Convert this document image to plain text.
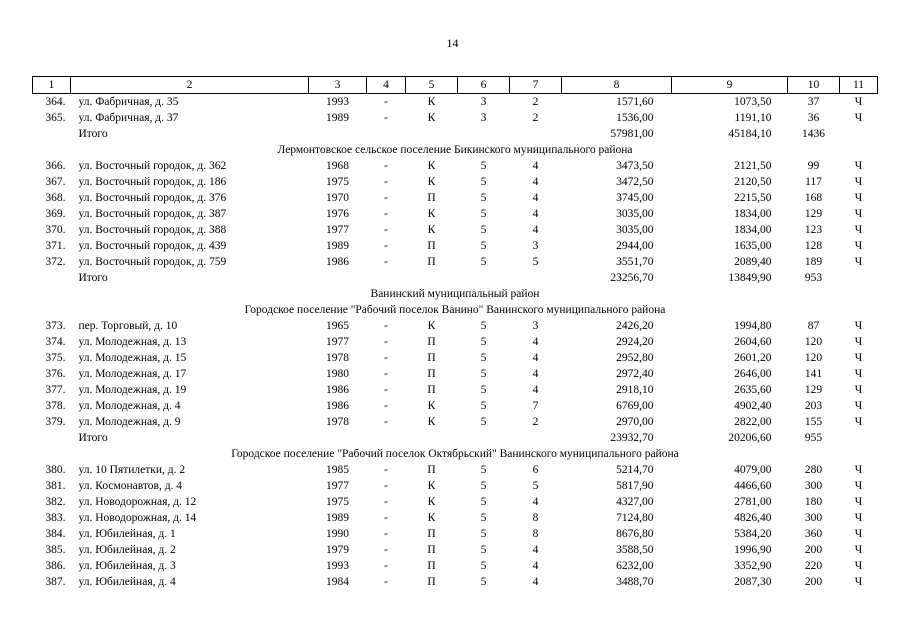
14
1	2	3	4	5	6	7	8	9	10	11
364.	ул. Фабричная, д. 35	1993	-	К	3	2	1571,60	1073,50	37	Ч
365.	ул. Фабричная, д. 37	1989	-	К	3	2	1536,00	1191,10	36	Ч
	Итого						57981,00	45184,10	1436	
Лермонтовское сельское поселение Бикинского муниципального района										
366.	ул. Восточный городок, д. 362	1968	-	К	5	4	3473,50	2121,50	99	Ч
367.	ул. Восточный городок, д. 186	1975	-	К	5	4	3472,50	2120,50	117	Ч
368.	ул. Восточный городок, д. 376	1970	-	П	5	4	3745,00	2215,50	168	Ч
369.	ул. Восточный городок, д. 387	1976	-	К	5	4	3035,00	1834,00	129	Ч
370.	ул. Восточный городок, д. 388	1977	-	К	5	4	3035,00	1834,00	123	Ч
371.	ул. Восточный городок, д. 439	1989	-	П	5	3	2944,00	1635,00	128	Ч
372.	ул. Восточный городок, д. 759	1986	-	П	5	5	3551,70	2089,40	189	Ч
	Итого						23256,70	13849,90	953	
Ванинский муниципальный район										
Городское поселение "Рабочий поселок Ванино" Ванинского муниципального района										
373.	пер. Торговый, д. 10	1965	-	К	5	3	2426,20	1994,80	87	Ч
374.	ул. Молодежная, д. 13	1977	-	П	5	4	2924,20	2604,60	120	Ч
375.	ул. Молодежная, д. 15	1978	-	П	5	4	2952,80	2601,20	120	Ч
376.	ул. Молодежная, д. 17	1980	-	П	5	4	2972,40	2646,00	141	Ч
377.	ул. Молодежная, д. 19	1986	-	П	5	4	2918,10	2635,60	129	Ч
378.	ул. Молодежная, д. 4	1986	-	К	5	7	6769,00	4902,40	203	Ч
379.	ул. Молодежная, д. 9	1978	-	К	5	2	2970,00	2822,00	155	Ч
	Итого						23932,70	20206,60	955	
Городское поселение "Рабочий поселок Октябрьский" Ванинского муниципального района										
380.	ул. 10 Пятилетки, д. 2	1985	-	П	5	6	5214,70	4079,00	280	Ч
381.	ул. Космонавтов, д. 4	1977	-	К	5	5	5817,90	4466,60	300	Ч
382.	ул. Новодорожная, д. 12	1975	-	К	5	4	4327,00	2781,00	180	Ч
383.	ул. Новодорожная, д. 14	1989	-	К	5	8	7124,80	4826,40	300	Ч
384.	ул. Юбилейная, д. 1	1990	-	П	5	8	8676,80	5384,20	360	Ч
385.	ул. Юбилейная, д. 2	1979	-	П	5	4	3588,50	1996,90	200	Ч
386.	ул. Юбилейная, д. 3	1993	-	П	5	4	6232,00	3352,90	220	Ч
387.	ул. Юбилейная, д. 4	1984	-	П	5	4	3488,70	2087,30	200	Ч
